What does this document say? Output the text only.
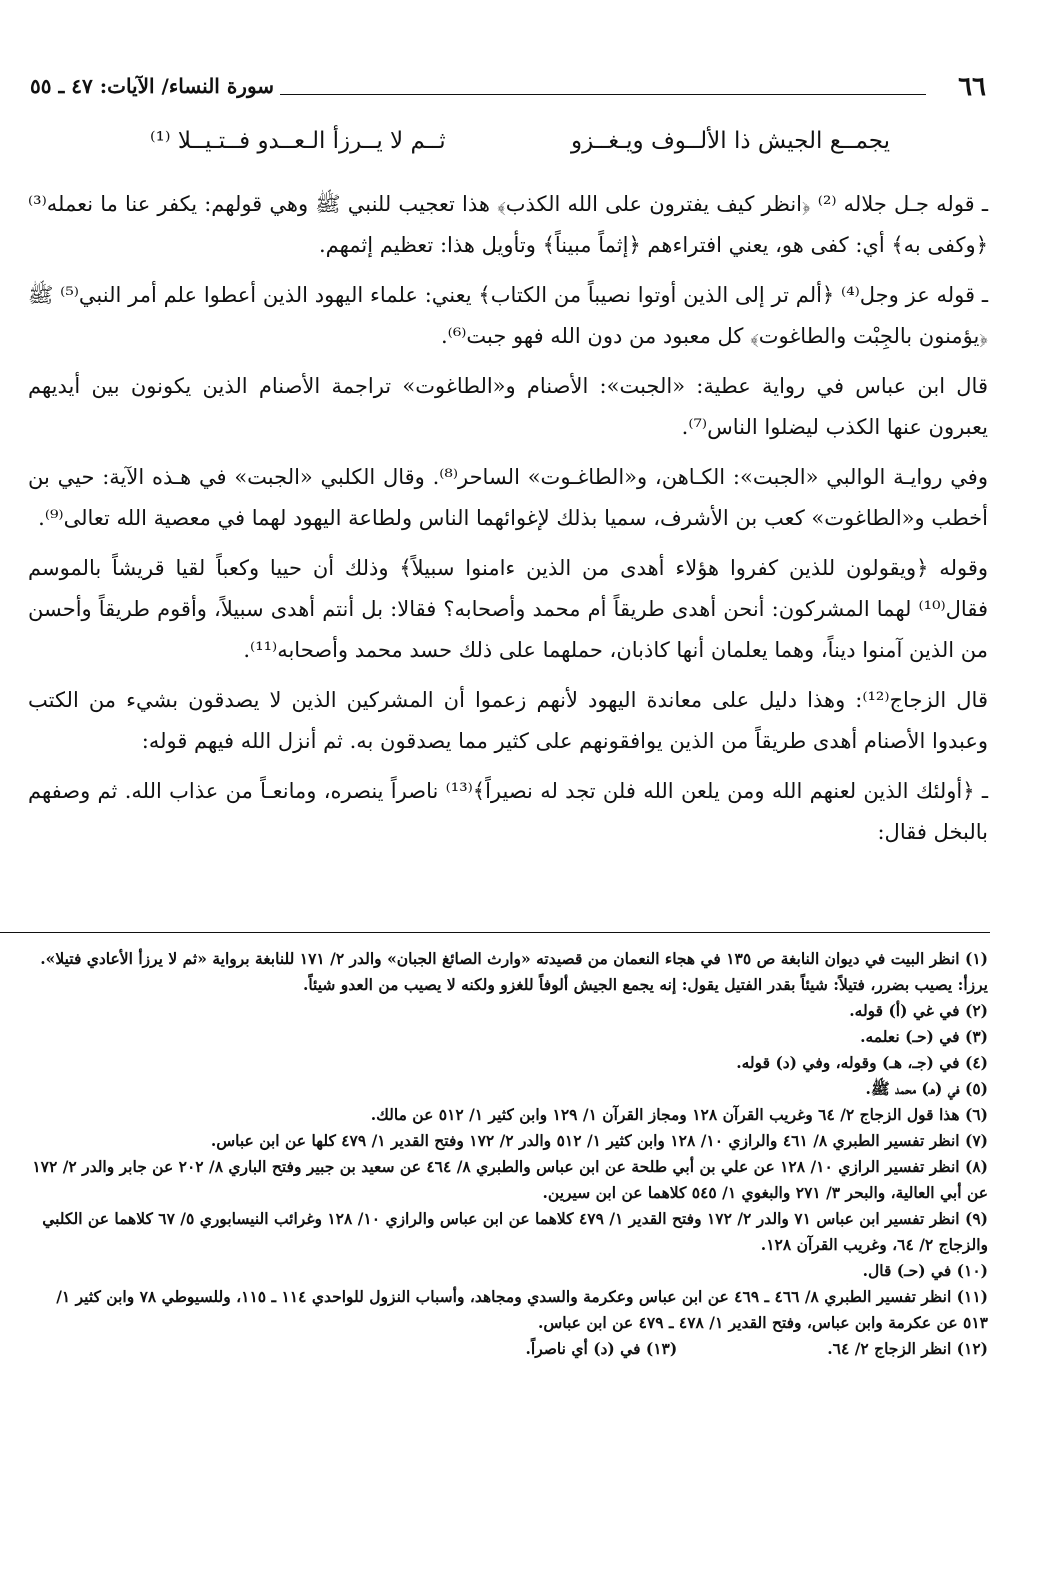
سورة النساء/ الآيات: ٤٧ ـ ٥٥	٦٦
يجمــع الجيش ذا الألــوف ويـغــزو
ثــم لا يــرزأ الـعــدو فــتـيــلا ⁽¹⁾

ـ قوله جـل جلاله ⁽²⁾ ﴿انظر كيف يفترون على الله الكذب﴾ هذا تعجيب للنبي ﷺ وهي قولهم: يكفر عنا ما نعمله⁽³⁾ ﴿وكفى به﴾ أي: كفى هو، يعني افتراءهم ﴿إثماً مبيناً﴾ وتأويل هذا: تعظيم إثمهم.

ـ قوله عز وجل⁽⁴⁾ ﴿ألم تر إلى الذين أوتوا نصيباً من الكتاب﴾ يعني: علماء اليهود الذين أعطوا علم أمر النبي⁽⁵⁾ ﷺ ﴿يؤمنون بالجِبْت والطاغوت﴾ كل معبود من دون الله فهو جبت⁽⁶⁾.

قال ابن عباس في رواية عطية: «الجبت»: الأصنام و«الطاغوت» تراجمة الأصنام الذين يكونون بين أيديهم يعبرون عنها الكذب ليضلوا الناس⁽⁷⁾.

وفي روايـة الوالبي «الجبت»: الكـاهن، و«الطاغـوت» الساحر⁽⁸⁾. وقال الكلبي «الجبت» في هـذه الآية: حيي بن أخطب و«الطاغوت» كعب بن الأشرف، سميا بذلك لإغوائهما الناس ولطاعة اليهود لهما في معصية الله تعالى⁽⁹⁾.

وقوله ﴿ويقولون للذين كفروا هؤلاء أهدى من الذين ءامنوا سبيلاً﴾ وذلك أن حييا وكعباً لقيا قريشاً بالموسم فقال⁽¹⁰⁾ لهما المشركون: أنحن أهدى طريقاً أم محمد وأصحابه؟ فقالا: بل أنتم أهدى سبيلاً، وأقوم طريقاً وأحسن من الذين آمنوا ديناً، وهما يعلمان أنها كاذبان، حملهما على ذلك حسد محمد وأصحابه⁽¹¹⁾.

قال الزجاج⁽¹²⁾: وهذا دليل على معاندة اليهود لأنهم زعموا أن المشركين الذين لا يصدقون بشيء من الكتب وعبدوا الأصنام أهدى طريقاً من الذين يوافقونهم على كثير مما يصدقون به. ثم أنزل الله فيهم قوله:

ـ ﴿أولئك الذين لعنهم الله ومن يلعن الله فلن تجد له نصيراً﴾⁽¹³⁾ ناصراً ينصره، ومانعـاً من عذاب الله. ثم وصفهم بالبخل فقال:

(١) انظر البيت في ديوان النابغة ص ١٣٥ في هجاء النعمان من قصيدته «وارث الصائغ الجبان» والدر ٢/ ١٧١ للنابغة برواية «ثم لا يرزأ الأعادي فتيلا». يرزأ: يصيب بضرر، فتيلاً: شيئاً بقدر الفتيل يقول: إنه يجمع الجيش ألوفاً للغزو ولكنه لا يصيب من العدو شيئاً.

(٢) في غي (أ) قوله.

(٣) في (حـ) نعلمه.

(٤) في (جـ، هـ) وقوله، وفي (د) قوله.

(٥) في (هـ) محمد ﷺ.

(٦) هذا قول الزجاج ٢/ ٦٤ وغريب القرآن ١٢٨ ومجاز القرآن ١/ ١٢٩ وابن كثير ١/ ٥١٢ عن مالك.

(٧) انظر تفسير الطبري ٨/ ٤٦١ والرازي ١٠/ ١٢٨ وابن كثير ١/ ٥١٢ والدر ٢/ ١٧٢ وفتح القدير ١/ ٤٧٩ كلها عن ابن عباس.

(٨) انظر تفسير الرازي ١٠/ ١٢٨ عن علي بن أبي طلحة عن ابن عباس والطبري ٨/ ٤٦٤ عن سعيد بن جبير وفتح الباري ٨/ ٢٠٢ عن جابر والدر ٢/ ١٧٢ عن أبي العالية، والبحر ٣/ ٢٧١ والبغوي ١/ ٥٤٥ كلاهما عن ابن سيرين.

(٩) انظر تفسير ابن عباس ٧١ والدر ٢/ ١٧٢ وفتح القدير ١/ ٤٧٩ كلاهما عن ابن عباس والرازي ١٠/ ١٢٨ وغرائب النيسابوري ٥/ ٦٧ كلاهما عن الكلبي والزجاج ٢/ ٦٤، وغريب القرآن ١٢٨.

(١٠) في (حـ) قال.

(١١) انظر تفسير الطبري ٨/ ٤٦٦ ـ ٤٦٩ عن ابن عباس وعكرمة والسدي ومجاهد، وأسباب النزول للواحدي ١١٤ ـ ١١٥، وللسيوطي ٧٨ وابن كثير ١/ ٥١٣ عن عكرمة وابن عباس، وفتح القدير ١/ ٤٧٨ ـ ٤٧٩ عن ابن عباس.

(١٢) انظر الزجاج ٢/ ٦٤.
(١٣) في (د) أي ناصراً.
